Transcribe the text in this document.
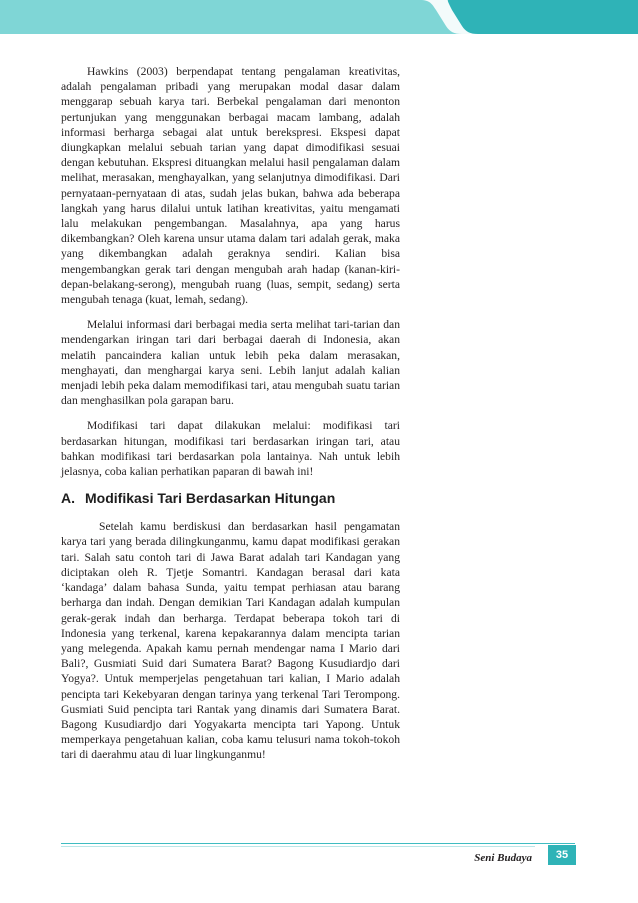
Hawkins (2003) berpendapat tentang pengalaman kreativitas, adalah pengalaman pribadi yang merupakan modal dasar dalam menggarap sebuah karya tari. Berbekal pengalaman dari menonton pertunjukan yang menggunakan berbagai macam lambang, adalah informasi berharga sebagai alat untuk berekspresi. Ekspesi dapat diungkapkan melalui sebuah tarian yang dapat dimodifikasi sesuai dengan kebutuhan. Ekspresi dituangkan melalui hasil pengalaman dalam melihat, merasakan, menghayalkan, yang selanjutnya dimodifikasi. Dari pernyataan-pernyataan di atas, sudah jelas bukan, bahwa ada beberapa langkah yang harus dilalui untuk latihan kreativitas, yaitu mengamati lalu melakukan pengembangan. Masalahnya, apa yang harus dikembangkan? Oleh karena unsur utama dalam tari adalah gerak, maka yang dikembangkan adalah geraknya sendiri. Kalian bisa mengembangkan gerak tari dengan mengubah arah hadap (kanan-kiri-depan-belakang-serong), mengubah ruang (luas, sempit, sedang) serta mengubah tenaga (kuat, lemah, sedang).

Melalui informasi dari berbagai media serta melihat tari-tarian dan mendengarkan iringan tari dari berbagai daerah di Indonesia, akan melatih pancaindera kalian untuk lebih peka dalam merasakan, menghayati, dan menghargai karya seni. Lebih lanjut adalah kalian menjadi lebih peka dalam memodifikasi tari, atau mengubah suatu tarian dan menghasilkan pola garapan baru.

Modifikasi tari dapat dilakukan melalui: modifikasi tari berdasarkan hitungan, modifikasi tari berdasarkan iringan tari, atau bahkan modifikasi tari berdasarkan pola lantainya. Nah untuk lebih jelasnya, coba kalian perhatikan paparan di bawah ini!

A. Modifikasi Tari Berdasarkan Hitungan

Setelah kamu berdiskusi dan berdasarkan hasil pengamatan karya tari yang berada dilingkunganmu, kamu dapat modifikasi gerakan tari. Salah satu contoh tari di Jawa Barat adalah tari Kandagan yang diciptakan oleh R. Tjetje Somantri. Kandagan berasal dari kata ‘kandaga’ dalam bahasa Sunda, yaitu tempat perhiasan atau barang berharga dan indah. Dengan demikian Tari Kandagan adalah kumpulan gerak-gerak indah dan berharga. Terdapat beberapa tokoh tari di Indonesia yang terkenal, karena kepakarannya dalam mencipta tarian yang melegenda. Apakah kamu pernah mendengar nama I Mario dari Bali?, Gusmiati Suid dari Sumatera Barat? Bagong Kusudiardjo dari Yogya?. Untuk memperjelas pengetahuan tari kalian, I Mario adalah pencipta tari Kekebyaran dengan tarinya yang terkenal Tari Terompong. Gusmiati Suid pencipta tari Rantak yang dinamis dari Sumatera Barat. Bagong Kusudiardjo dari Yogyakarta mencipta tari Yapong. Untuk memperkaya pengetahuan kalian, coba kamu telusuri nama tokoh-tokoh tari di daerahmu atau di luar lingkunganmu!

Seni Budaya	35
